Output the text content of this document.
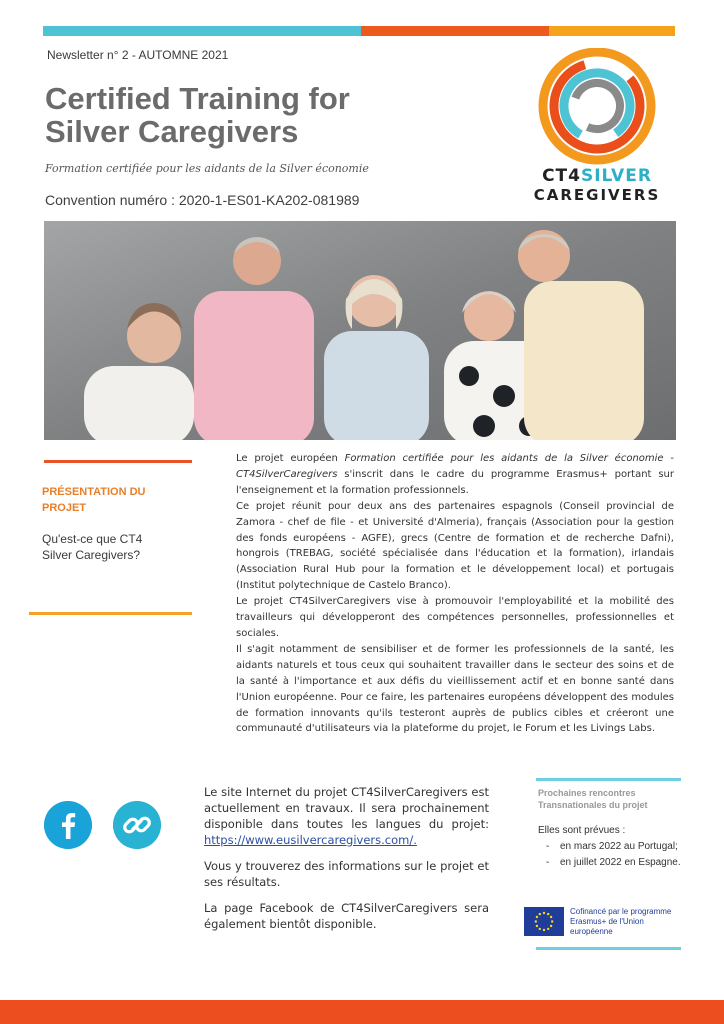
Newsletter n° 2 - AUTOMNE 2021
Certified Training for Silver Caregivers
Formation certifiée pour les aidants de la Silver économie
Convention numéro : 2020-1-ES01-KA202-081989
CT4SILVER
CAREGIVERS
PRÉSENTATION DU PROJET
Qu'est-ce que CT4 Silver Caregivers?

Le projet européen Formation certifiée pour les aidants de la Silver économie - CT4SilverCaregivers s'inscrit dans le cadre du programme Erasmus+ portant sur l'enseignement et la formation professionnels.

Ce projet réunit pour deux ans des partenaires espagnols (Conseil provincial de Zamora - chef de file - et Université d'Almeria), français (Association pour la gestion des fonds européens - AGFE), grecs (Centre de formation et de recherche Dafni), hongrois (TREBAG, société spécialisée dans l'éducation et la formation), irlandais (Association Rural Hub pour la formation et le développement local) et portugais (Institut polytechnique de Castelo Branco).

Le projet CT4SilverCaregivers vise à promouvoir l'employabilité et la mobilité des travailleurs qui développeront des compétences personnelles, professionnelles et sociales.

Il s'agit notamment de sensibiliser et de former les professionnels de la santé, les aidants naturels et tous ceux qui souhaitent travailler dans le secteur des soins et de la santé à l'importance et aux défis du vieillissement actif et en bonne santé dans l'Union européenne. Pour ce faire, les partenaires européens développent des modules de formation innovants qu'ils testeront auprès de publics cibles et créeront une communauté d'utilisateurs via la plateforme du projet, le Forum et les Livings Labs.

Le site Internet du projet CT4SilverCaregivers est actuellement en travaux. Il sera prochainement disponible dans toutes les langues du projet: https://www.eusilvercaregivers.com/.

Vous y trouverez des informations sur le projet et ses résultats.

La page Facebook de CT4SilverCaregivers sera également bientôt disponible.

Prochaines rencontres Transnationales du projet
Elles sont prévues :
- en mars 2022 au Portugal;
- en juillet 2022 en Espagne.
Cofinancé par le programme Erasmus+ de l'Union européenne
